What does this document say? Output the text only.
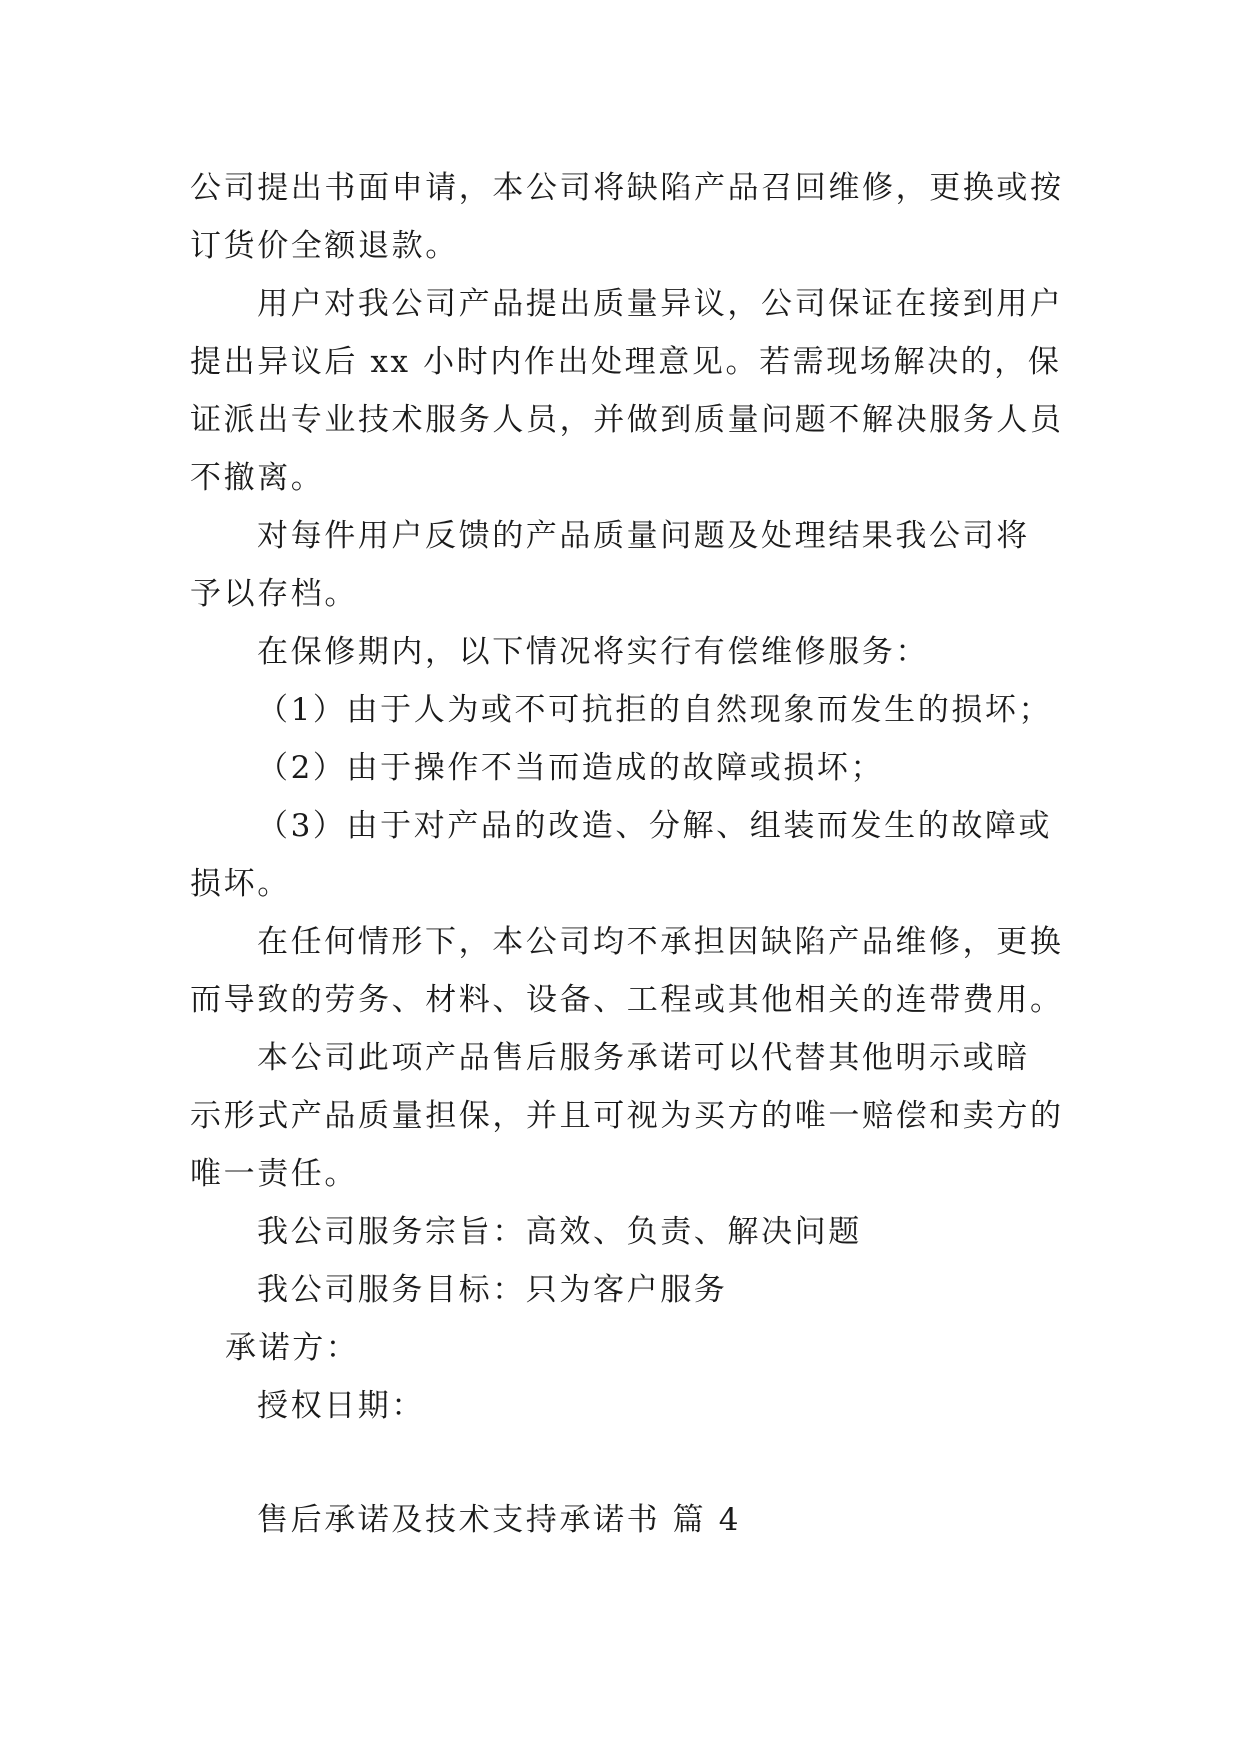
公司提出书面申请，本公司将缺陷产品召回维修，更换或按
订货价全额退款。
用户对我公司产品提出质量异议，公司保证在接到用户
提出异议后 xx 小时内作出处理意见。若需现场解决的，保
证派出专业技术服务人员，并做到质量问题不解决服务人员
不撤离。
对每件用户反馈的产品质量问题及处理结果我公司将
予以存档。
在保修期内，以下情况将实行有偿维修服务：
（1）由于人为或不可抗拒的自然现象而发生的损坏；
（2）由于操作不当而造成的故障或损坏；
（3）由于对产品的改造、分解、组装而发生的故障或
损坏。
在任何情形下，本公司均不承担因缺陷产品维修，更换
而导致的劳务、材料、设备、工程或其他相关的连带费用。
本公司此项产品售后服务承诺可以代替其他明示或暗
示形式产品质量担保，并且可视为买方的唯一赔偿和卖方的
唯一责任。
我公司服务宗旨：高效、负责、解决问题
我公司服务目标：只为客户服务
承诺方：
授权日期：
售后承诺及技术支持承诺书 篇 4
